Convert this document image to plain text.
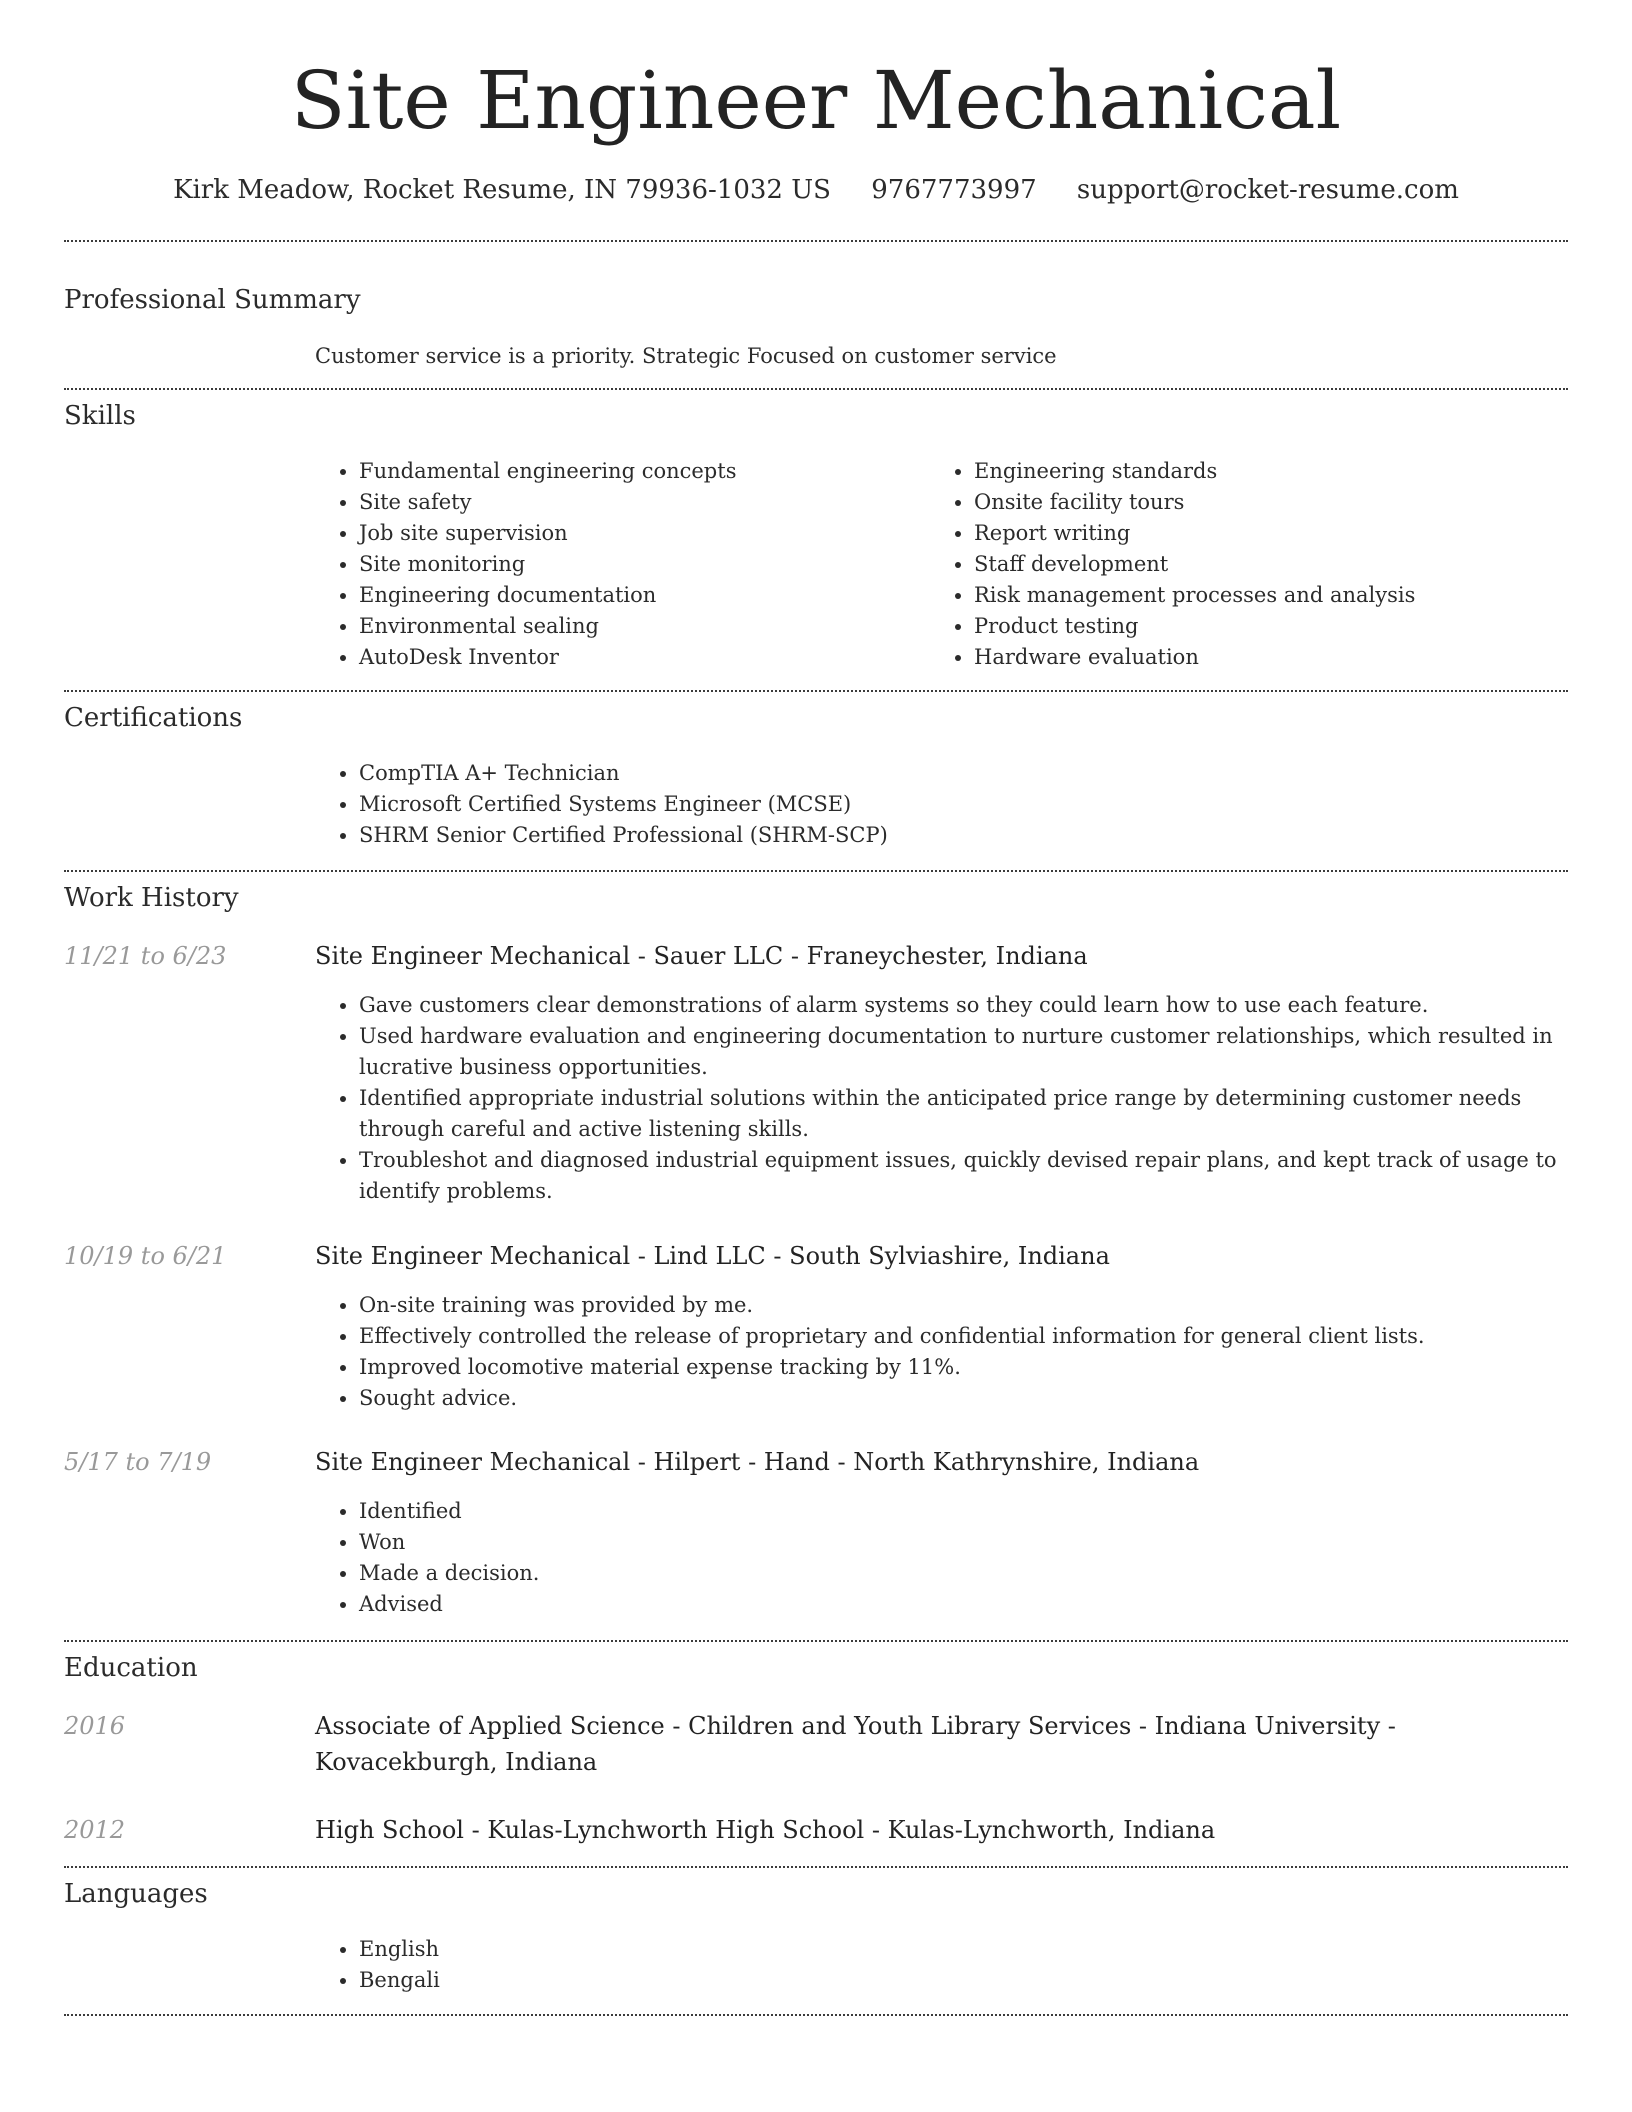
Site Engineer Mechanical
Kirk Meadow, Rocket Resume, IN 79936-1032 US 9767773997 support@rocket-resume.com
Professional Summary
Customer service is a priority. Strategic Focused on customer service
Skills
• Fundamental engineering concepts
• Site safety
• Job site supervision
• Site monitoring
• Engineering documentation
• Environmental sealing
• AutoDesk Inventor
• Engineering standards
• Onsite facility tours
• Report writing
• Staff development
• Risk management processes and analysis
• Product testing
• Hardware evaluation
Certifications
• CompTIA A+ Technician
• Microsoft Certified Systems Engineer (MCSE)
• SHRM Senior Certified Professional (SHRM-SCP)
Work History
11/21 to 6/23	Site Engineer Mechanical - Sauer LLC - Franeychester, Indiana
• Gave customers clear demonstrations of alarm systems so they could learn how to use each feature.
• Used hardware evaluation and engineering documentation to nurture customer relationships, which resulted in lucrative business opportunities.
• Identified appropriate industrial solutions within the anticipated price range by determining customer needs through careful and active listening skills.
• Troubleshot and diagnosed industrial equipment issues, quickly devised repair plans, and kept track of usage to identify problems.
10/19 to 6/21	Site Engineer Mechanical - Lind LLC - South Sylviashire, Indiana
• On-site training was provided by me.
• Effectively controlled the release of proprietary and confidential information for general client lists.
• Improved locomotive material expense tracking by 11%.
• Sought advice.
5/17 to 7/19	Site Engineer Mechanical - Hilpert - Hand - North Kathrynshire, Indiana
• Identified
• Won
• Made a decision.
• Advised
Education
2016	Associate of Applied Science - Children and Youth Library Services - Indiana University - Kovacekburgh, Indiana
2012	High School - Kulas-Lynchworth High School - Kulas-Lynchworth, Indiana
Languages
• English
• Bengali
